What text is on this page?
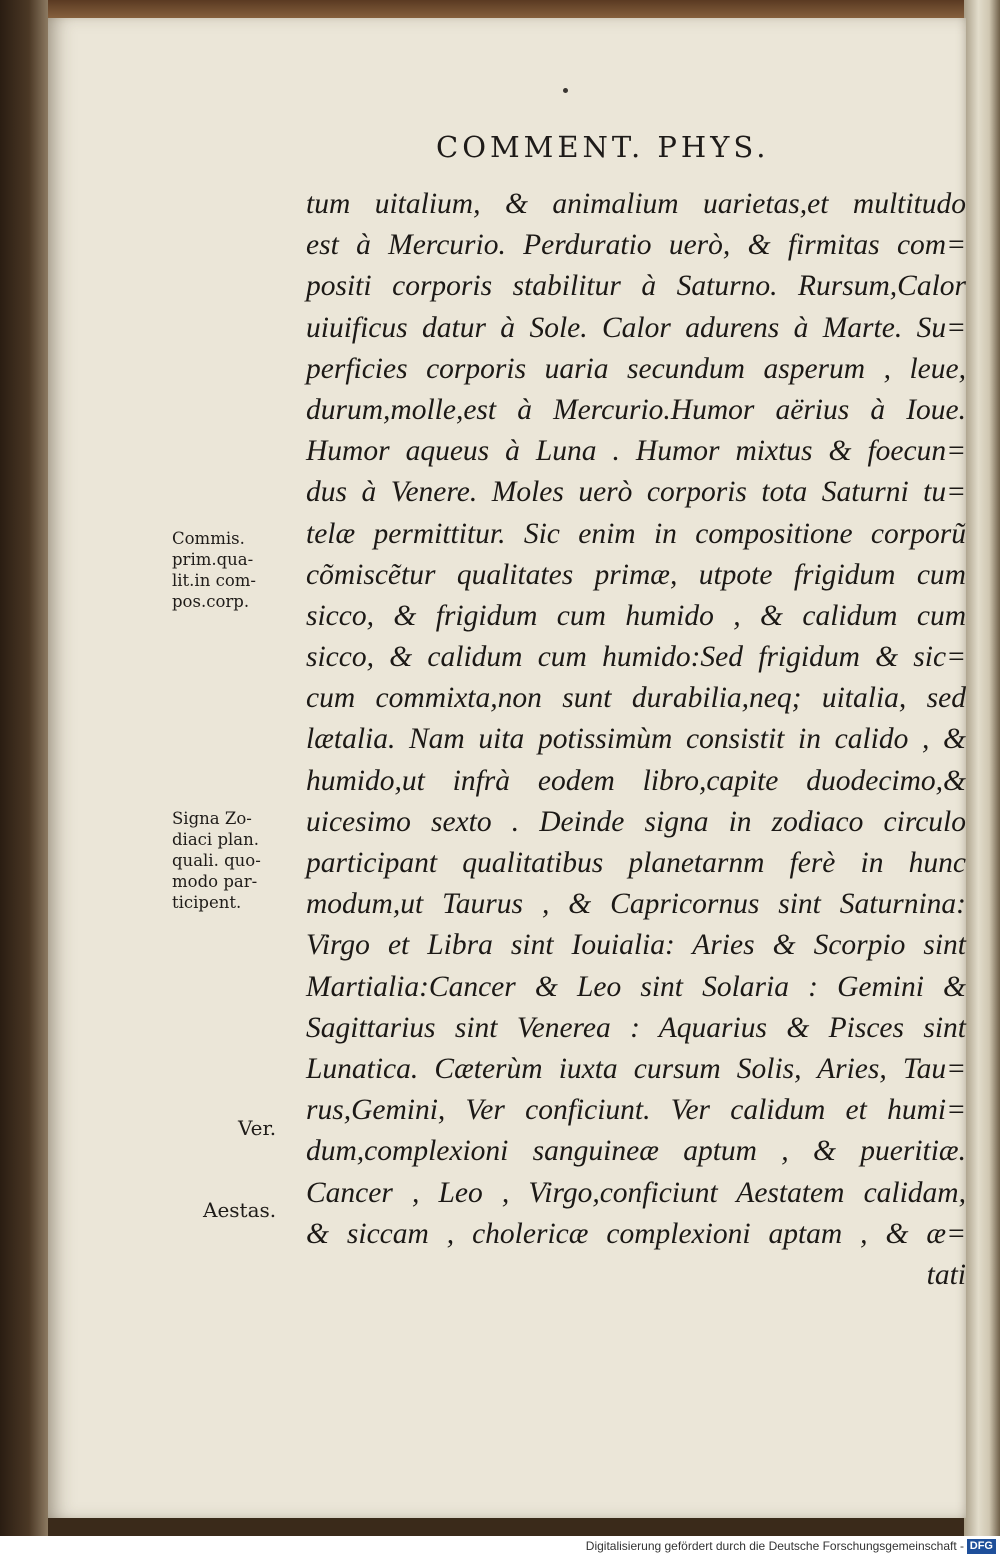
COMMENT. PHYS.
tum uitalium, & animalium uarietas,et multitudo
est à Mercurio. Perduratio uerò, & firmitas com=
positi corporis stabilitur à Saturno. Rursum,Calor
uiuificus datur à Sole. Calor adurens à Marte. Su=
perficies corporis uaria secundum asperum , leue,
durum,molle,est à Mercurio.Humor aërius à Ioue.
Humor aqueus à Luna . Humor mixtus & foecun=
dus à Venere. Moles uerò corporis tota Saturni tu=
telæ permittitur. Sic enim in compositione corporũ
cõmiscẽtur qualitates primæ, utpote frigidum cum
sicco, & frigidum cum humido , & calidum cum
sicco, & calidum cum humido:Sed frigidum & sic=
cum commixta,non sunt durabilia,neq; uitalia, sed
lætalia. Nam uita potissimùm consistit in calido , &
humido,ut infrà eodem libro,capite duodecimo,&
uicesimo sexto . Deinde signa in zodiaco circulo
participant qualitatibus planetarnm ferè in hunc
modum,ut Taurus , & Capricornus sint Saturnina:
Virgo et Libra sint Iouialia: Aries & Scorpio sint
Martialia:Cancer & Leo sint Solaria : Gemini &
Sagittarius sint Venerea : Aquarius & Pisces sint
Lunatica. Cæterùm iuxta cursum Solis, Aries, Tau=
rus,Gemini, Ver conficiunt. Ver calidum et humi=
dum,complexioni sanguineæ aptum , & pueritiæ.
Cancer , Leo , Virgo,conficiunt Aestatem calidam,
& siccam , cholericæ complexioni aptam , & æ=
tati
Commis.
prim.qua-
lit.in com-
pos.corp.
Signa Zo-
diaci plan.
quali. quo-
modo par-
ticipent.
Ver.
Aestas.
Digitalisierung gefördert durch die Deutsche Forschungsgemeinschaft - DFG
